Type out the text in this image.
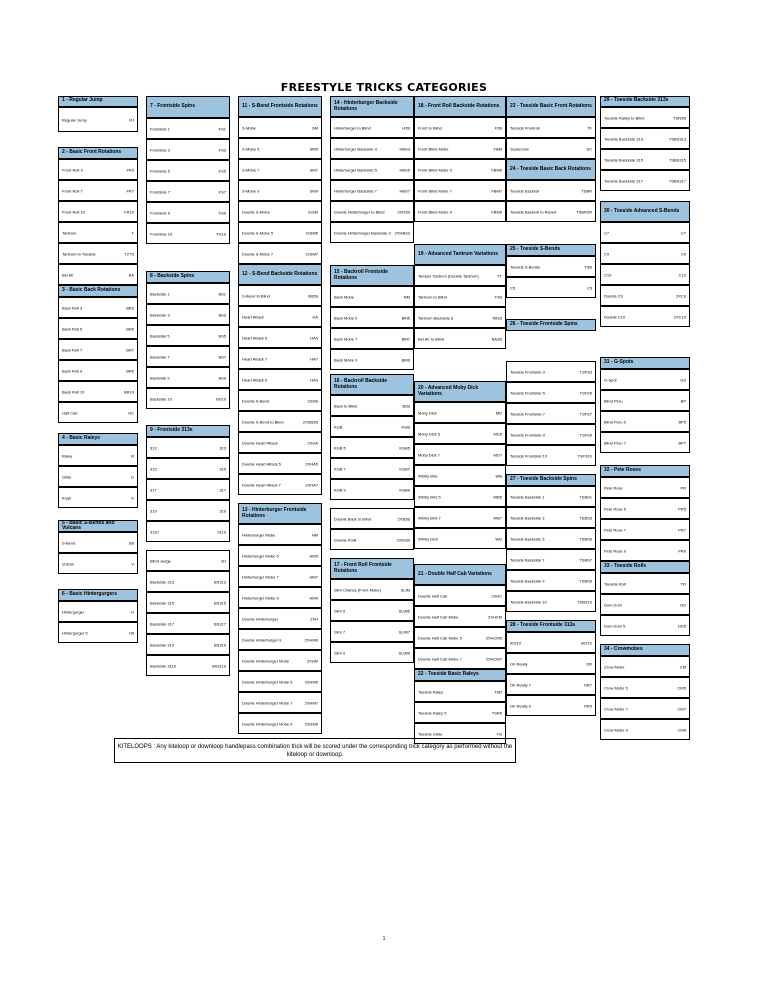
FREESTYLE TRICKS CATEGORIES
1 - Regular Jump
Regular Jump	RJ
2 - Basic Front Rotations
Front Roll 3	FR3
Front Roll 7	FR7
Front Roll 10	FR10
Tantrum	T
Tantrum to Toeside	T2TS
Bel Air	BA
3 - Basic Back Rotations
Back Roll 3	BR3
Back Roll 5	BR5
Back Roll 7	BR7
Back Roll 9	BR9
Back Roll 10	BR10
Half Cab	HC
4 - Basic Raleys
Raley	R
Glide	G
Krypt	K
5 - Basic S-Bends and Vulcans
S-Bend	SB
Vulcan	V
6 - Basic Hintergurgers
Hintergurger	H
Hintergurger 5	H5
7 - Frontside Spins
Frontside 1	FS1
Frontside 3	FS3
Frontside 5	FS5
Frontside 7	FS7
Frontside 9	FS9
Frontside 10	FS10
8 - Backside Spins
Backside 1	BS1
Backside 3	BS3
Backside 5	BS5
Backside 7	BS7
Backside 9	BS9
Backside 10	BS10
9 - Frontside 313s
313	313
315	315
317	317
319	319
3110	3110
Blind Judge	BJ
Backside 313	BS313
Backside 315	BS315
Backside 317	BS317
Backside 319	BS319
Backside 3110	BS3110
11 - S-Bend Frontside Rotations
S-Mobe	SM
S-Mobe 5	SM5
S-Mobe 7	SM7
S-Mobe 9	SM9
Double S-Mobe	2xSM
Double S-Mobe 5	2xSM5
Double S-Mobe 7	2xSM7
12 - S-Bend Backside Rotations
S-Bend to Blind	SB2B
Heart Attack	HA
Heart Attack 5	HA5
Heart Attack 7	HA7
Heart Attack 9	HA9
Double S-Bend	2SDB
Double S-Bend to Blind	2XSB2B
Double Heart Attack	2XHA
Double Heart Attack 5	2XHA5
Double Heart Attack 7	2XHA7
13 - Hinterburger Frontside Rotations
Hinterburger Mobe	HM
Hinterburger Mobe 5	HM5
Hinterburger Mobe 7	HM7
Hinterburger Mobe 9	HM9
Double Hinterburger	2XH
Double Hinterburger 9	2XHM9
Double Hinterburger Mobe	2XHM
Double Hinterburger Mobe 5	2XHM5
Double Hinterburger Mobe 7	2XHM7
Double Hinterburger Mobe 9	2XHM9
14 - Hinterburger Backside Rotations
Hinterburger to Blind	H2B
Hinterburger Backside 3	HBS3
Hinterburger Backside 5	HBS5
Hinterburger Backside 7	HBS7
Double Hinterburger to Blind	2XH2B
Double Hinterburger Backside 3 2XHBS3
15 - Backroll Frontside Rotations
Back Mobe	BM
Back Mobe 5	BM5
Back Mobe 7	BM7
Back Mobe 9	BM9
16 - Backroll Backside Rotations
Back to Blind	B2B
KGB	KGB
KGB 5	KGB5
KGB 7	KGB7
KGB 9	KGB9
Double Back to Blind	2XB2B
Double KGB	2XKGB
17 - Front Roll Frontside Rotations
Slim Chance (Front Mobe)	SLIM
Slim 5	SLIM5
Slim 7	SLIM7
Slim 9	SLIM9
18 - Front Roll Backside Rotations
Front to Blind	F2B
Front Blind Mobe	FBM
Front Blind Mobe 5	FBM5
Front Blind Mobe 7	FBM7
Front Blind Mobe 9	FBM9
19 - Advanced Tantrum Variations
Temper Tantrum (Double Tantrum)	TT
Tantrum to Blind	T2B
Tantrum Backside 3	TBS3
Bel Air to Blind	BA2B
20 - Advanced Moby Dick Variations
Moby Dick	MD
Moby Dick 5	MD5
Moby Dick 7	MD7
Whirly Bird	WB
Whirly Bird 5	WB5
Whirly Bird 7	WB7
Whirly Dick	WD
21 - Double Half Cab Variations
Double Half Cab	2XHC
Double Half Cab Mobe	2XHCM
Double Half Cab Mobe 5	2XHCM5
Double Half Cab Mobe 7	2XHCM7
22 - Toeside Basic Raleys
Toeside Raley	TSR
Toeside Raley 5	TSR5
Toeside Glide	TG
23 - Toeside Basic Front Rotations
Toeside Frontroll	TF
Scarecrow	SC
24 - Toeside Basic Back Rotations
Toeside Backroll	TSBR
Toeside Backroll to Revert	TSBR2R
25 - Toeside S-Bends
Toeside S Bends	TSB
C5	C5
26 - Toeside Frontside Spins
Toeside Frontside 3	TSFS3
Toeside Frontside 5	TSFS5
Toeside Frontside 7	TSFS7
Toeside Frontside 9	TSFS9
Toeside Frontside 10	TSFS10
27 - Toeside Backside Spins
Toeside Backside 1	TSBS1
Toeside Backside 3	TSBS3
Toeside Backside 5	TSBS5
Toeside Backside 7	TSBS7
Toeside Backside 9	TSBS9
Toeside Backside 10	TSBS10
28 - Toeside Frontside 313s
90210	90210
Oh Really	OR
Oh Really 7	OR7
Oh Really 9	OR9
29 - Toeside Backside 313s
Toeside Railey to Blind	TSR2B
Toeside Backside 313	TSBS313
Toeside Backside 315	TSBS315
Toeside Backside 317	TSBS317
30 - Toeside Advanced S-Bends
C7	C7
C9	C9
C10	C10
Double C9	2XC9
Double C10	2XC10
31 - G-Spots
G-Spot	GS
Blind Peru	BP
Blind Peru 5	BP5
Blind Peru 7	BP7
32 - Pete Roses
Pete Rose	PR
Pete Rose 5	PR5
Pete Rose 7	PR7
Pete Rose 9	PR9
33 - Toeside Rolls
Toeside Roll	TR
Dum Dum	DD
Dum Dum 5	DD5
34 - Crowmobes
Crow Mobe	CM
Crow Mobe 5	CM5
Crow Mobe 7	CM7
Crow Mobe 9	CM9
KITELOOPS : Any kiteloop or downloop handlepass combination trick will be scored under the corresponding trick category as performed without the kiteloop or downloop.
1
